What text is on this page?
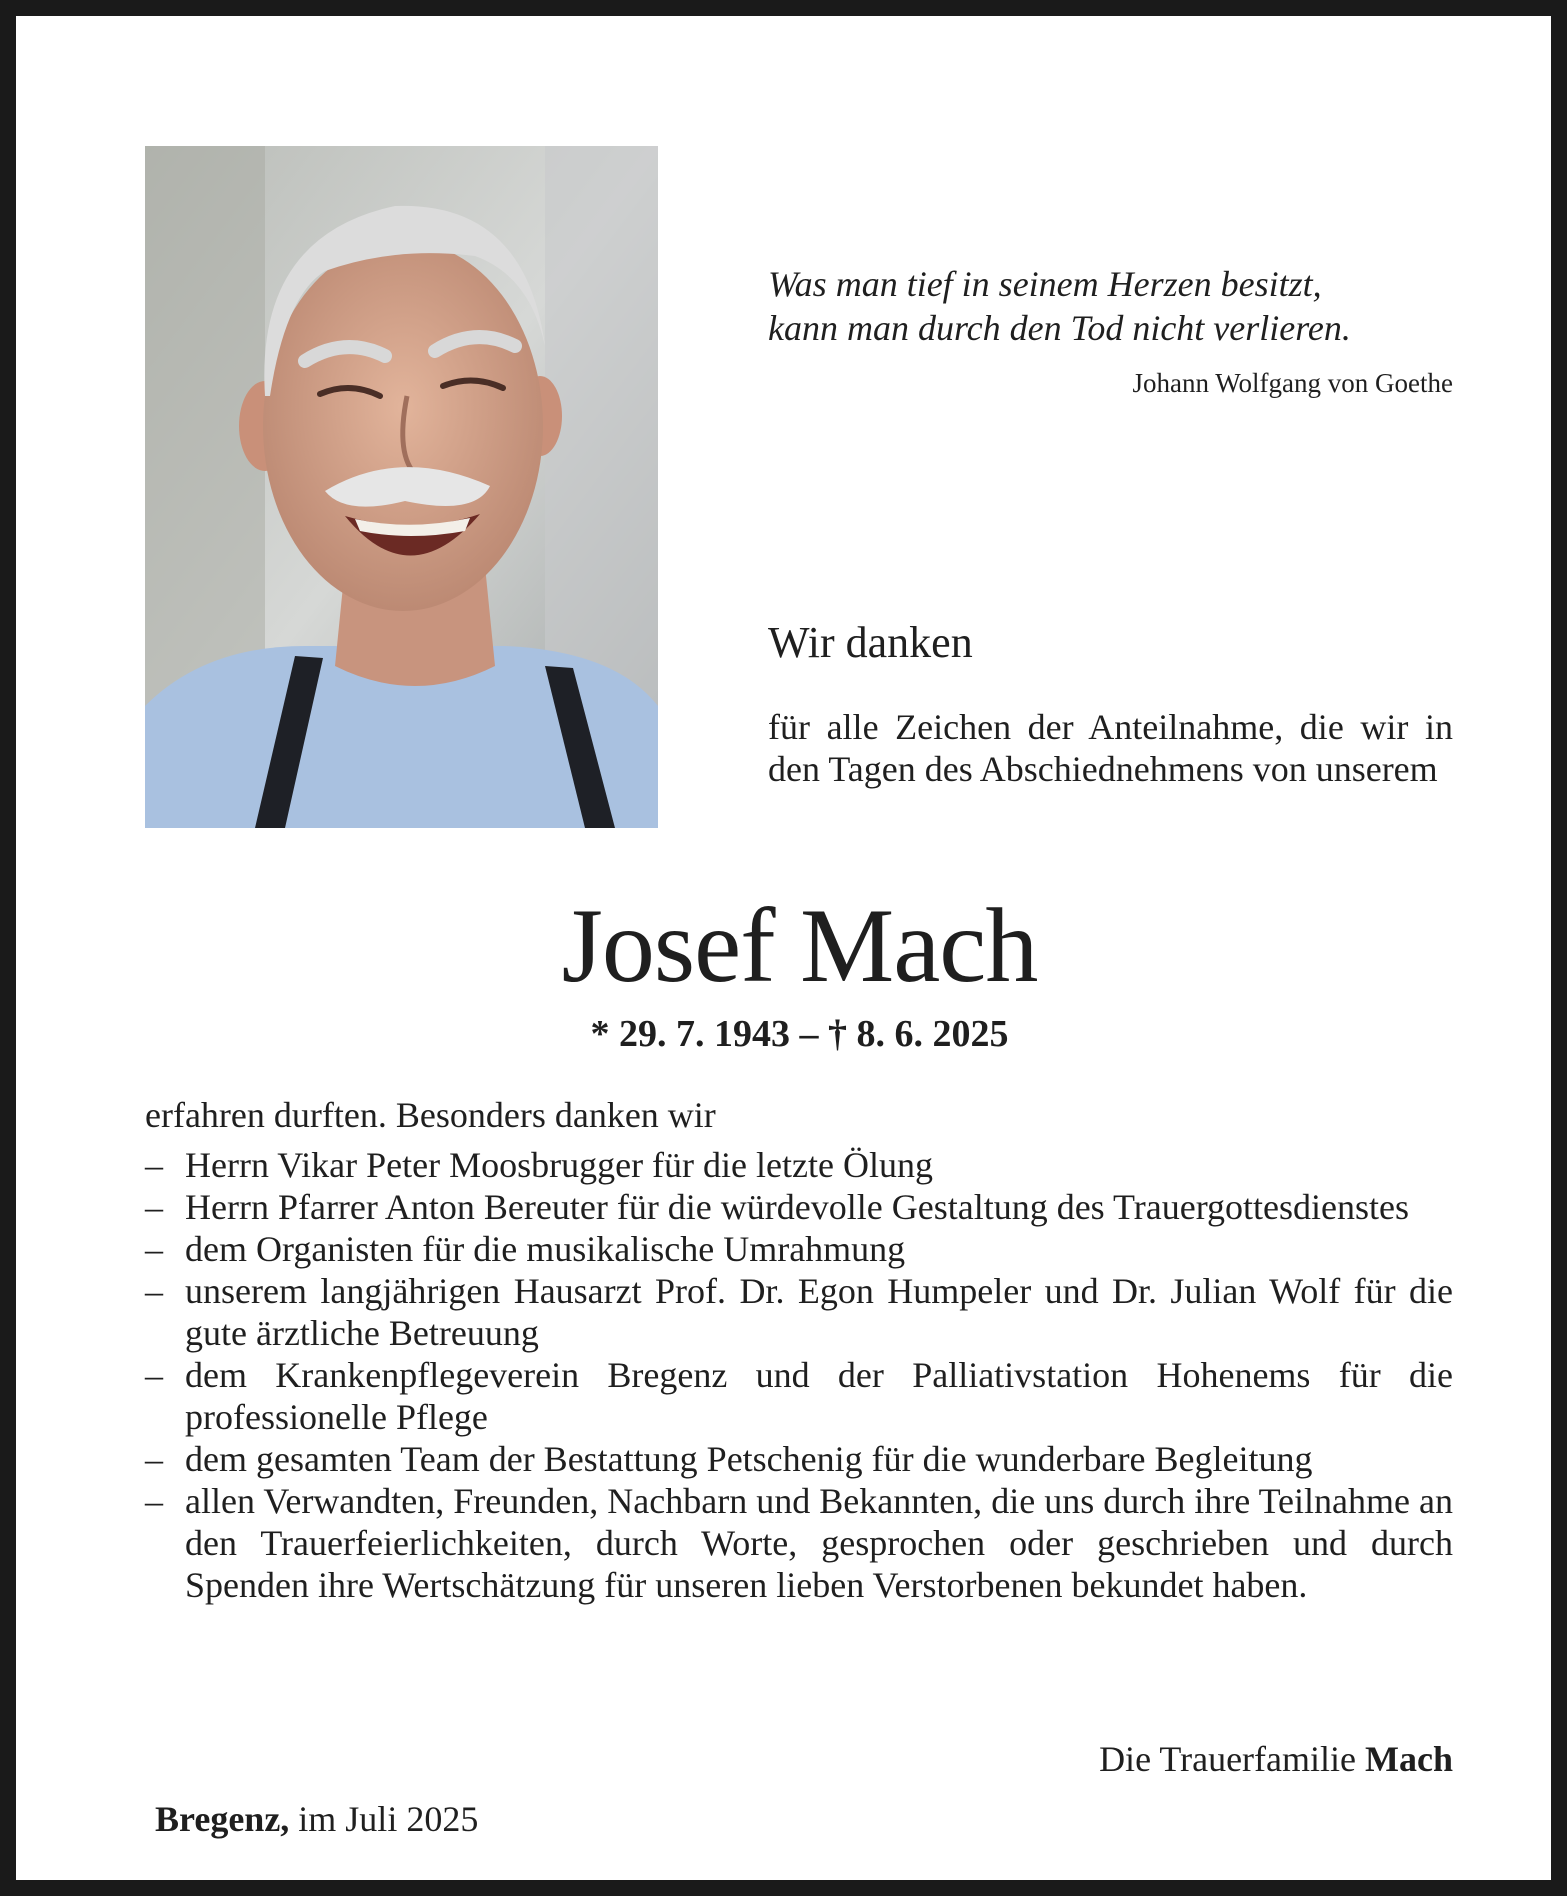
Was man tief in seinem Herzen besitzt,
kann man durch den Tod nicht verlieren.
Johann Wolfgang von Goethe
Wir danken
für alle Zeichen der Anteilnahme, die wir in den Tagen des Abschiednehmens von unserem
Josef Mach
* 29. 7. 1943 – † 8. 6. 2025
erfahren durften. Besonders danken wir
– Herrn Vikar Peter Moosbrugger für die letzte Ölung
– Herrn Pfarrer Anton Bereuter für die würdevolle Gestaltung des Trauergottesdienstes
– dem Organisten für die musikalische Umrahmung
– unserem langjährigen Hausarzt Prof. Dr. Egon Humpeler und Dr. Julian Wolf für die gute ärztliche Betreuung
– dem Krankenpflegeverein Bregenz und der Palliativstation Hohenems für die professionelle Pflege
– dem gesamten Team der Bestattung Petschenig für die wunderbare Begleitung
– allen Verwandten, Freunden, Nachbarn und Bekannten, die uns durch ihre Teilnahme an den Trauerfeierlichkeiten, durch Worte, gesprochen oder geschrieben und durch Spenden ihre Wertschätzung für unseren lieben Verstorbenen bekundet haben.
Die Trauerfamilie Mach
Bregenz, im Juli 2025
